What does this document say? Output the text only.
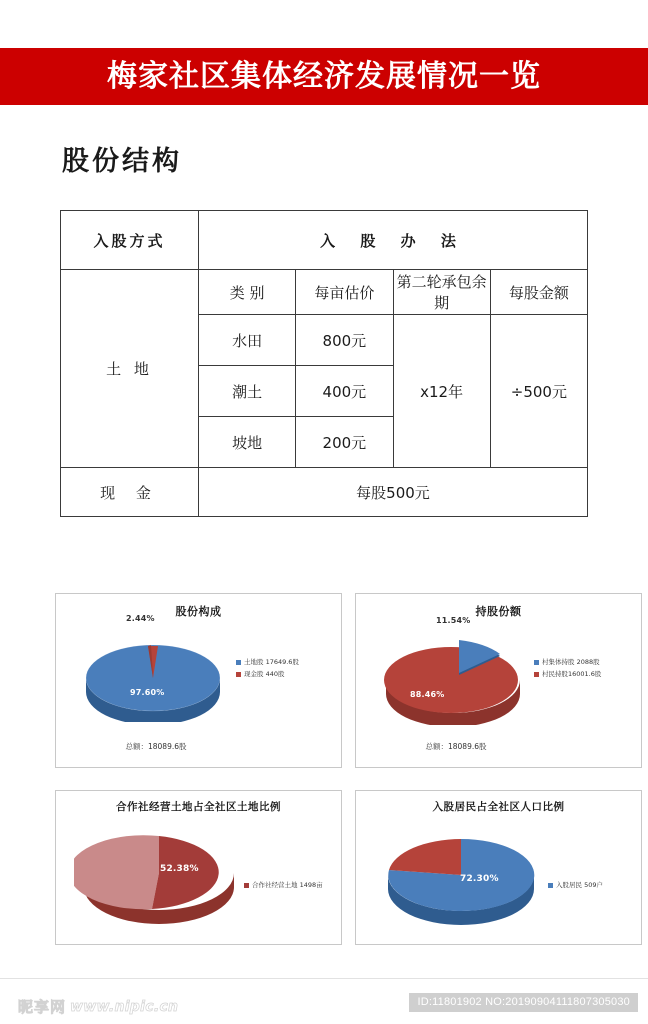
梅家社区集体经济发展情况一览
股份结构
入股方式	入 股 办 法			
土 地	类 别	每亩估价	第二轮承包余期	每股金额
	水田	800元	x12年	÷500元
	潮土	400元		
	坡地	200元		
现 金	每股500元			
股份构成
2.44%
97.60%
土地股 17649.6股
现金股 440股
总额：18089.6股
持股份额
11.54%
88.46%
村集体持股 2088股
村民持股16001.6股
总额：18089.6股
合作社经营土地占全社区土地比例
52.38%
合作社经营土地 1498亩
入股居民占全社区人口比例
72.30%
入股居民 509户
昵享网 www.nipic.cn	ID:11801902 NO:20190904111807305030
